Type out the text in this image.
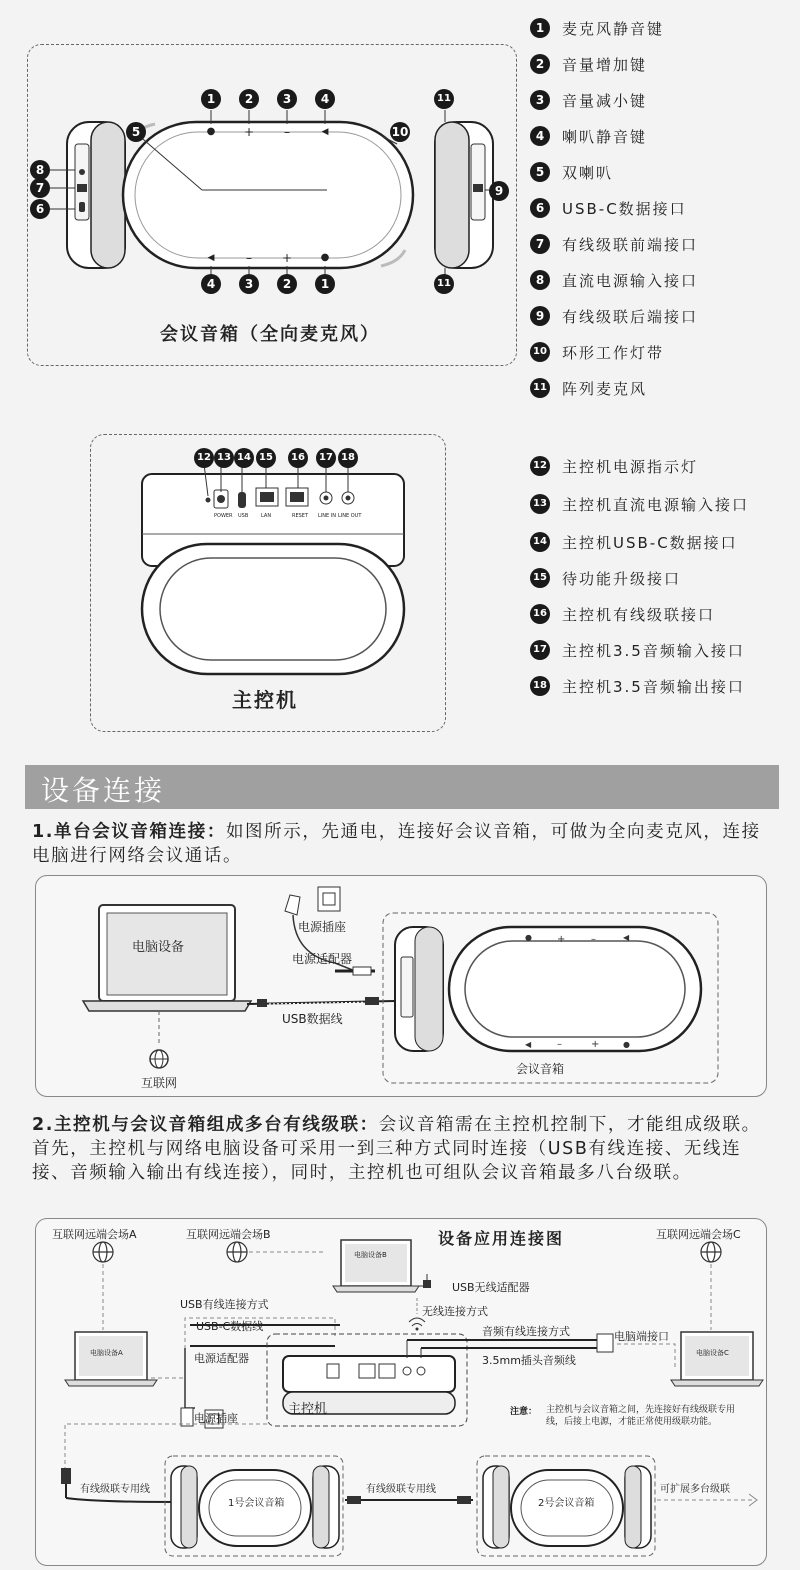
● + –	◀
◀	– +	●
1	2	3	4
5	10
11
8
7
6
9
4	3	2	1	11
会议音箱（全向麦克风）
1	麦克风静音键
2	音量增加键
3	音量减小键
4	喇叭静音键
5	双喇叭
6	USB-C数据接口
7	有线级联前端接口
8	直流电源输入接口
9	有线级联后端接口
10 环形工作灯带
11 阵列麦克风
POWER USB	LAN	RESET LINE IN LINE OUT
12 13 14 15	16	17 18
主控机
12 主控机电源指示灯
13 主控机直流电源输入接口
14 主控机USB-C数据接口
15 待功能升级接口
16 主控机有线级联接口
17 主控机3.5音频输入接口
18 主控机3.5音频输出接口
设备连接
1.单台会议音箱连接：如图所示，先通电，连接好会议音箱，可做为全向麦克风，连接电脑进行网络会议通话。
●	+	–	◀
◀	–	+	●
电脑设备
互联网
电源插座
电源适配器
USB数据线
会议音箱
2.主控机与会议音箱组成多台有线级联：会议音箱需在主控机控制下，才能组成级联。首先，主控机与网络电脑设备可采用一到三种方式同时连接（USB有线连接、无线连接、音频输入输出有线连接），同时，主控机也可组队会议音箱最多八台级联。
设备应用连接图
互联网远端会场A	互联网远端会场B	互联网远端会场C
电脑设备B
电脑设备A	电脑设备C
USB无线适配器
无线连接方式
USB有线连接方式
USB-C数据线
电源适配器
电源插座
音频有线连接方式
3.5mm插头音频线
电脑端接口
主控机	注意： 主控机与会议音箱之间，先连接好有线级联专用线，后接上电源，才能正常使用级联功能。
有线级联专用线	有线级联专用线
1号会议音箱	2号会议音箱
可扩展多台级联
